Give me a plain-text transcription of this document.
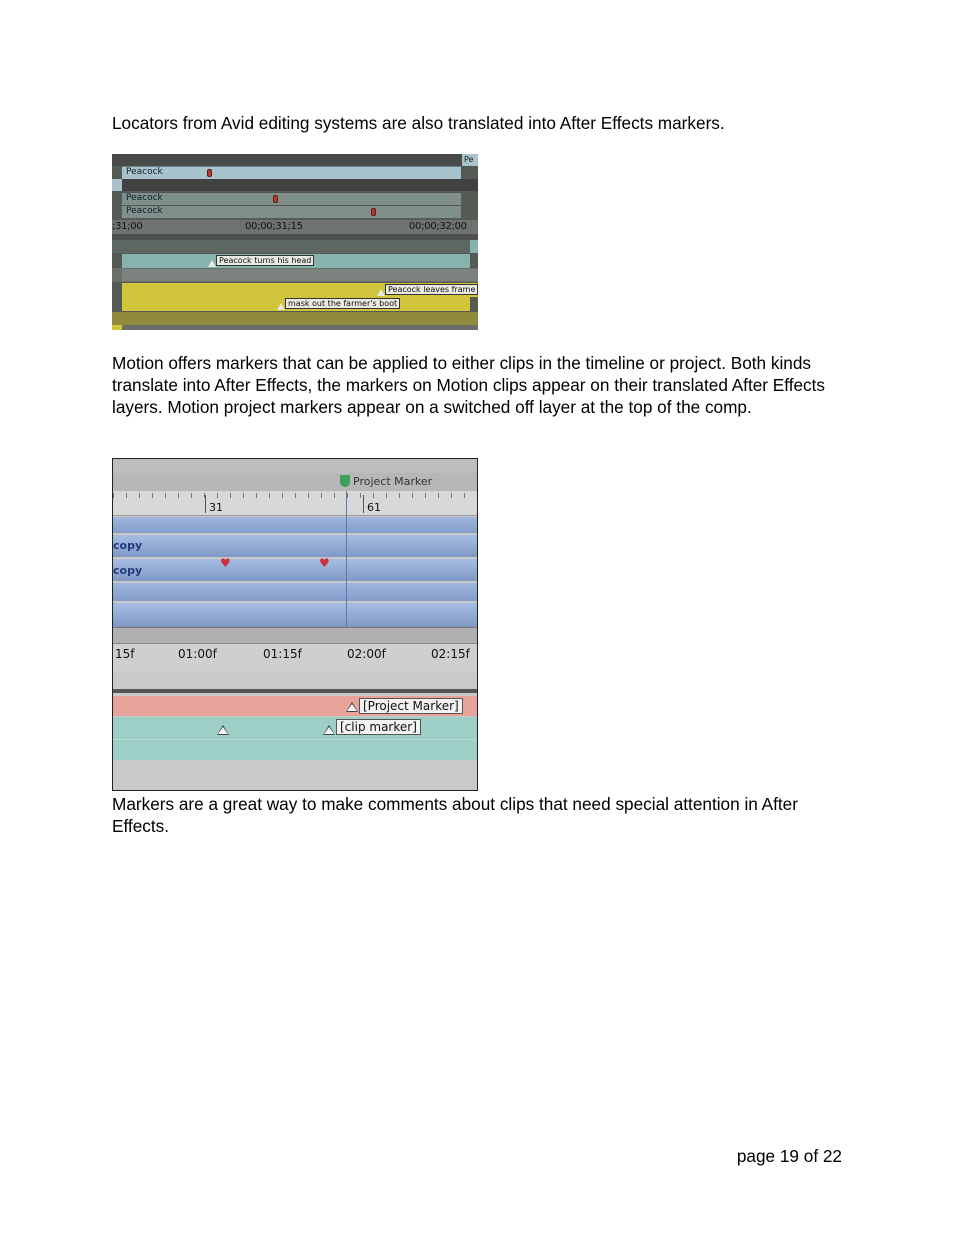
Locators from Avid editing systems are also translated into After Effects markers.

Pe
Peacock
Peacock
Peacock
;31;00	00;00;31;15	00;00;32;00
Peacock turns his head
Peacock leaves frame
mask out the farmer's boot

Motion offers markers that can be applied to either clips in the timeline or project. Both kinds translate into After Effects, the markers on Motion clips appear on their translated After Effects layers. Motion project markers appear on a switched off layer at the top of the comp.

Project Marker
31	61
copy
copy
♥	♥
15f	01:00f	01:15f	02:00f	02:15f
[Project Marker]
[clip marker]

Markers are a great way to make comments about clips that need special attention in After Effects.

page 19 of 22
